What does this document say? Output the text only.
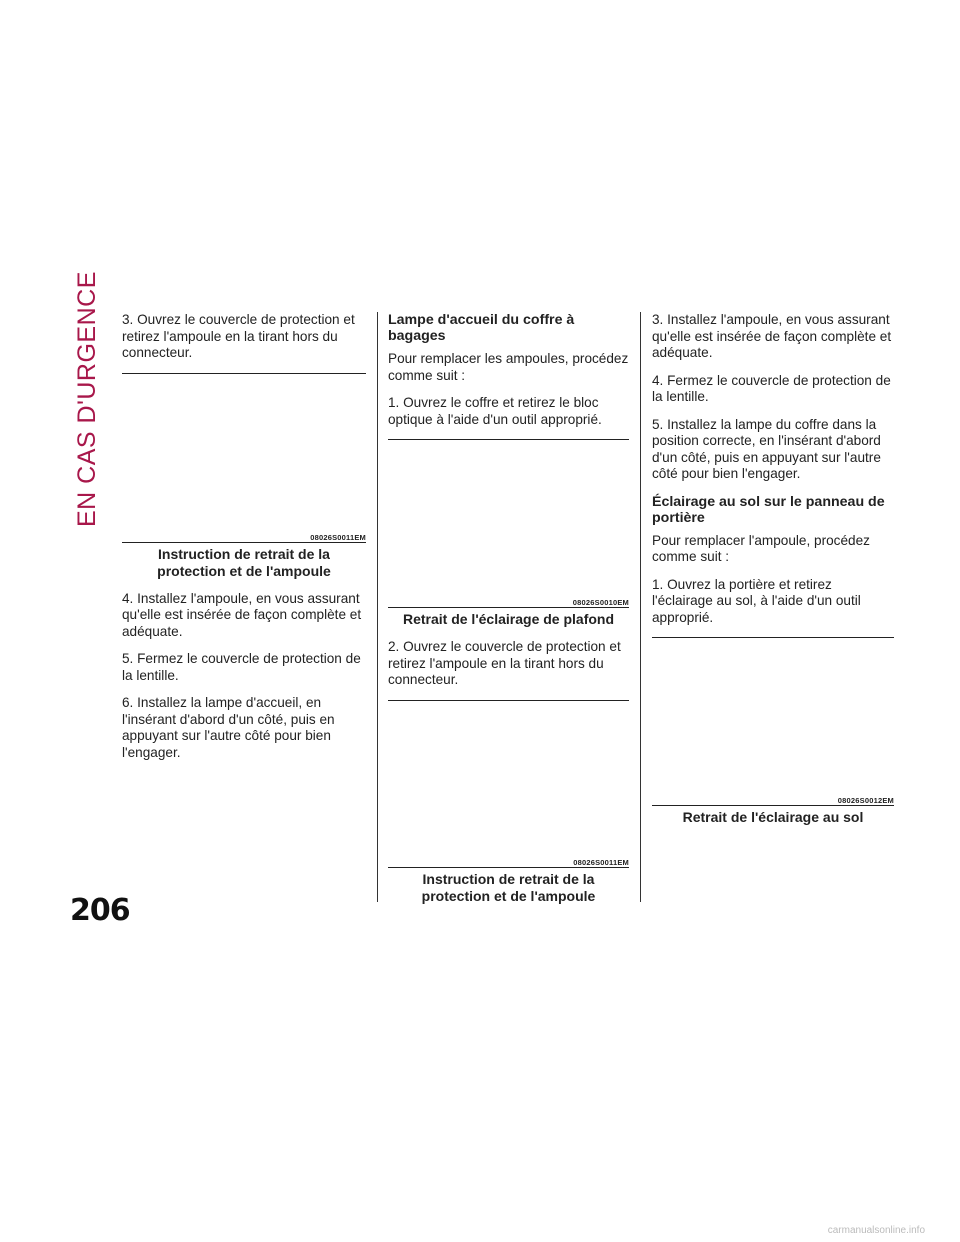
EN CAS D'URGENCE
206

3. Ouvrez le couvercle de protection et retirez l'ampoule en la tirant hors du connecteur.

08026S0011EM
Instruction de retrait de la protection et de l'ampoule

4. Installez l'ampoule, en vous assurant qu'elle est insérée de façon complète et adéquate.

5. Fermez le couvercle de protection de la lentille.

6. Installez la lampe d'accueil, en l'insérant d'abord d'un côté, puis en appuyant sur l'autre côté pour bien l'engager.

Lampe d'accueil du coffre à bagages

Pour remplacer les ampoules, procédez comme suit :

1. Ouvrez le coffre et retirez le bloc optique à l'aide d'un outil approprié.

08026S0010EM
Retrait de l'éclairage de plafond

2. Ouvrez le couvercle de protection et retirez l'ampoule en la tirant hors du connecteur.

08026S0011EM
Instruction de retrait de la protection et de l'ampoule

3. Installez l'ampoule, en vous assurant qu'elle est insérée de façon complète et adéquate.

4. Fermez le couvercle de protection de la lentille.

5. Installez la lampe du coffre dans la position correcte, en l'insérant d'abord d'un côté, puis en appuyant sur l'autre côté pour bien l'engager.

Éclairage au sol sur le panneau de portière

Pour remplacer l'ampoule, procédez comme suit :

1. Ouvrez la portière et retirez l'éclairage au sol, à l'aide d'un outil approprié.

08026S0012EM
Retrait de l'éclairage au sol
carmanualsonline.info
